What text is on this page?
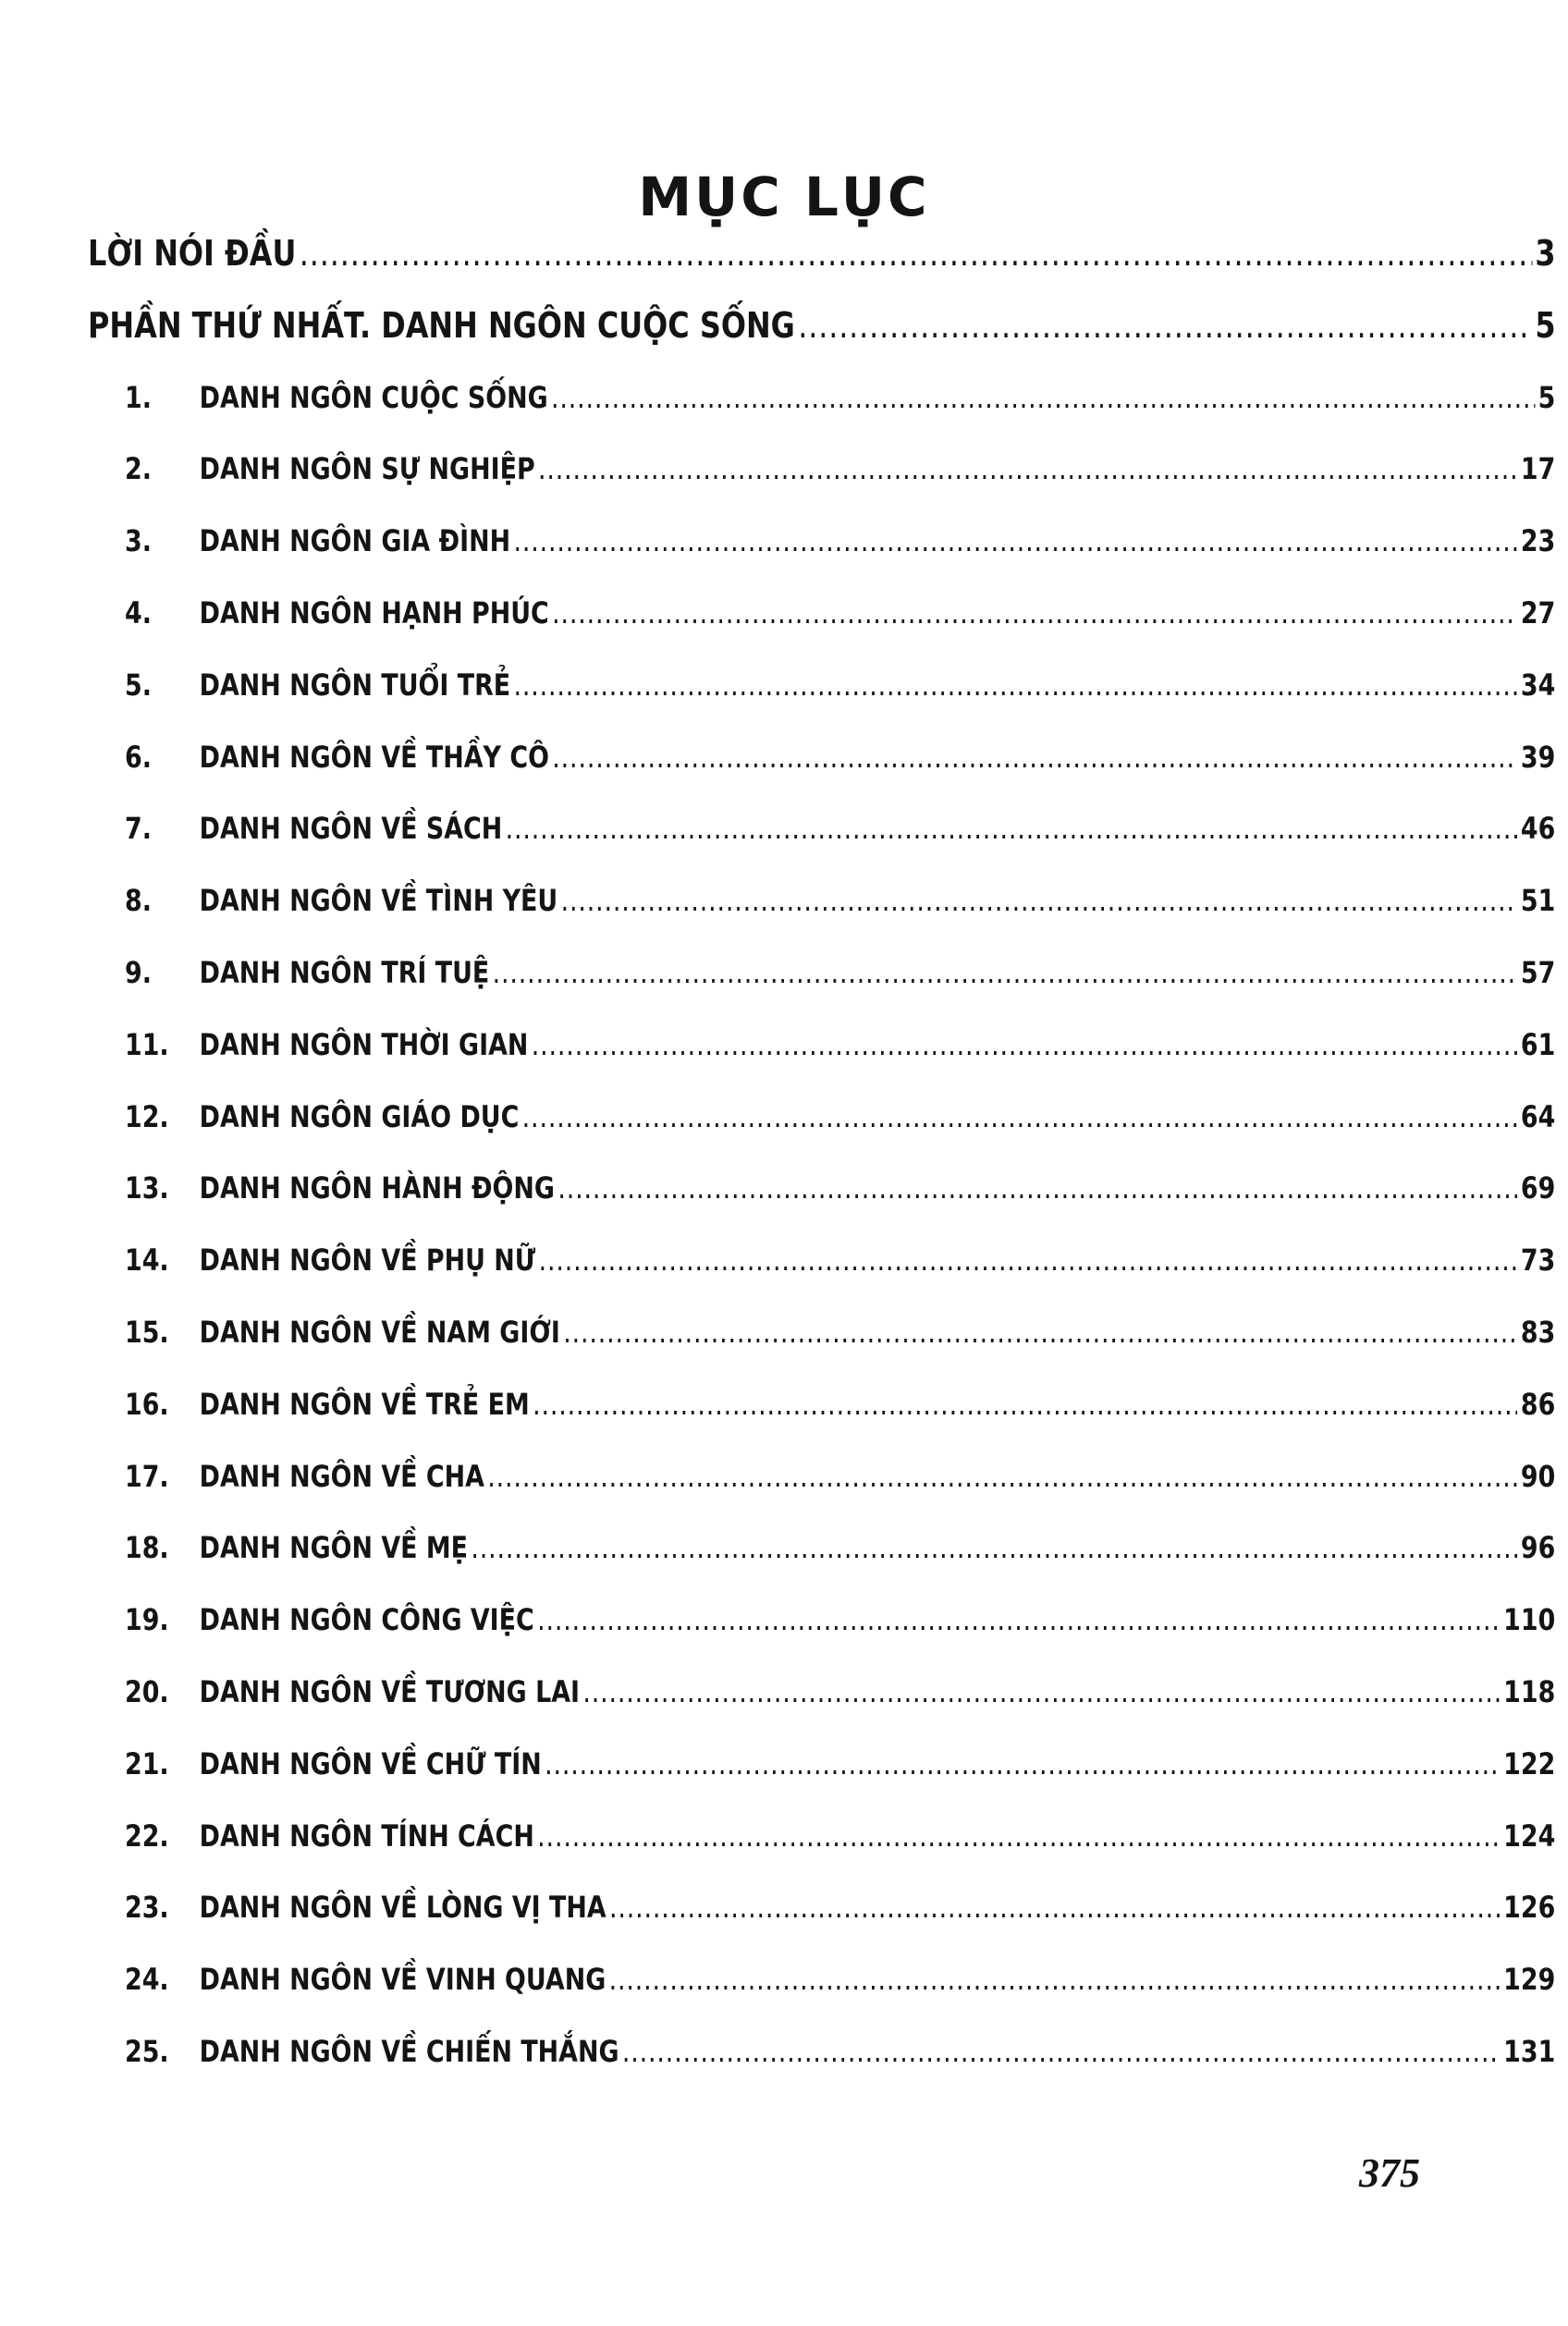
MỤC LỤC
LỜI NÓI ĐẦU .....	3
PHẦN THỨ NHẤT. DANH NGÔN CUỘC SỐNG .....	5
1.	DANH NGÔN CUỘC SỐNG .....	5
2.	DANH NGÔN SỰ NGHIỆP .....	17
3.	DANH NGÔN GIA ĐÌNH .....	23
4.	DANH NGÔN HẠNH PHÚC .....	27
5.	DANH NGÔN TUỔI TRẺ .....	34
6.	DANH NGÔN VỀ THẦY CÔ .....	39
7.	DANH NGÔN VỀ SÁCH .....	46
8.	DANH NGÔN VỀ TÌNH YÊU .....	51
9.	DANH NGÔN TRÍ TUỆ .....	57
11.	DANH NGÔN THỜI GIAN .....	61
12.	DANH NGÔN GIÁO DỤC .....	64
13.	DANH NGÔN HÀNH ĐỘNG .....	69
14.	DANH NGÔN VỀ PHỤ NỮ .....	73
15.	DANH NGÔN VỀ NAM GIỚI .....	83
16.	DANH NGÔN VỀ TRẺ EM .....	86
17.	DANH NGÔN VỀ CHA .....	90
18.	DANH NGÔN VỀ MẸ .....	96
19.	DANH NGÔN CÔNG VIỆC .....	110
20.	DANH NGÔN VỀ TƯƠNG LAI .....	118
21.	DANH NGÔN VỀ CHỮ TÍN .....	122
22.	DANH NGÔN TÍNH CÁCH .....	124
23.	DANH NGÔN VỀ LÒNG VỊ THA .....	126
24.	DANH NGÔN VỀ VINH QUANG .....	129
25.	DANH NGÔN VỀ CHIẾN THẮNG .....	131

375
